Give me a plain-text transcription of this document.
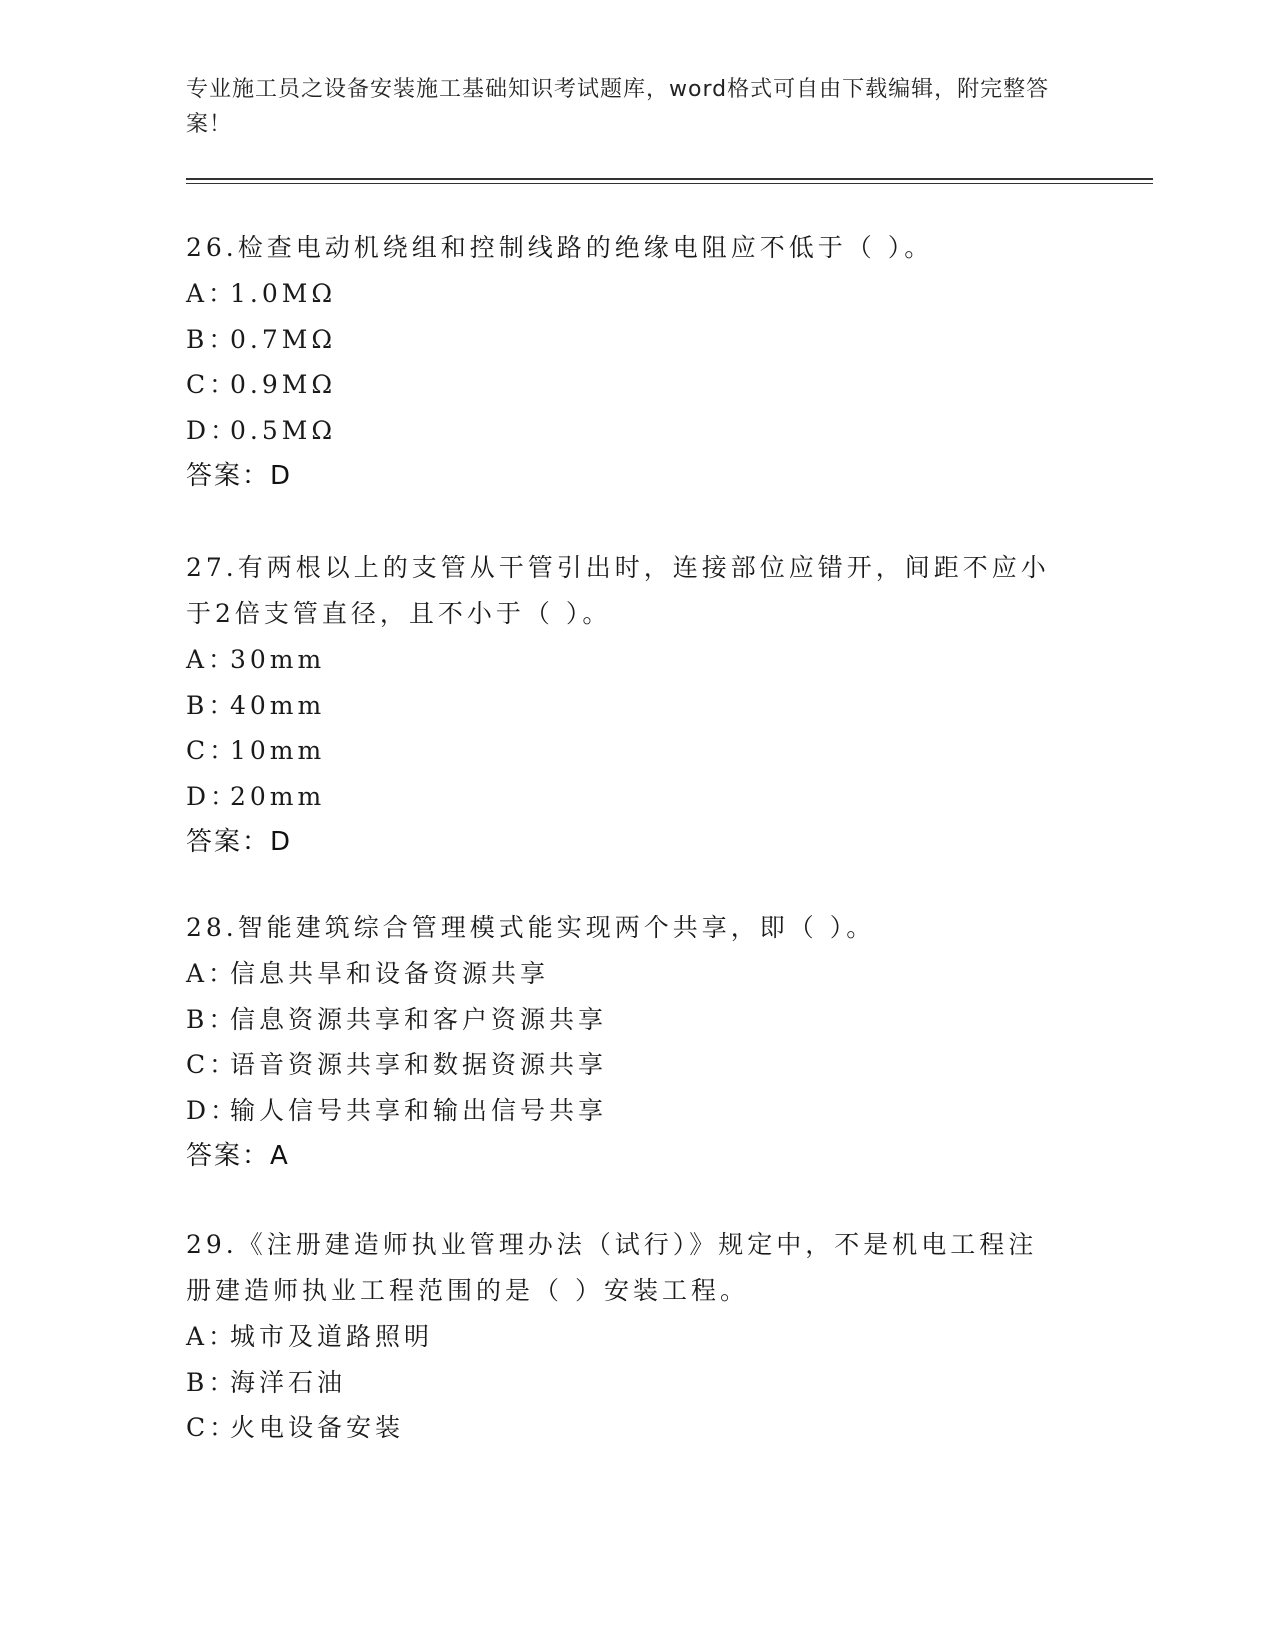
专业施工员之设备安装施工基础知识考试题库，word格式可自由下载编辑，附完整答案！
26.检查电动机绕组和控制线路的绝缘电阻应不低于（ ）。
A：1.0MΩ
B：0.7MΩ
C：0.9MΩ
D：0.5MΩ
答案：D
27.有两根以上的支管从干管引出时，连接部位应错开，间距不应小于2倍支管直径，且不小于（ ）。
A：30mm
B：40mm
C：10mm
D：20mm
答案：D
28.智能建筑综合管理模式能实现两个共享，即（ ）。
A：信息共旱和设备资源共享
B：信息资源共享和客户资源共享
C：语音资源共享和数据资源共享
D：输人信号共享和输出信号共享
答案：A
29.《注册建造师执业管理办法（试行）》规定中，不是机电工程注册建造师执业工程范围的是（ ）安装工程。
A：城市及道路照明
B：海洋石油
C：火电设备安装
